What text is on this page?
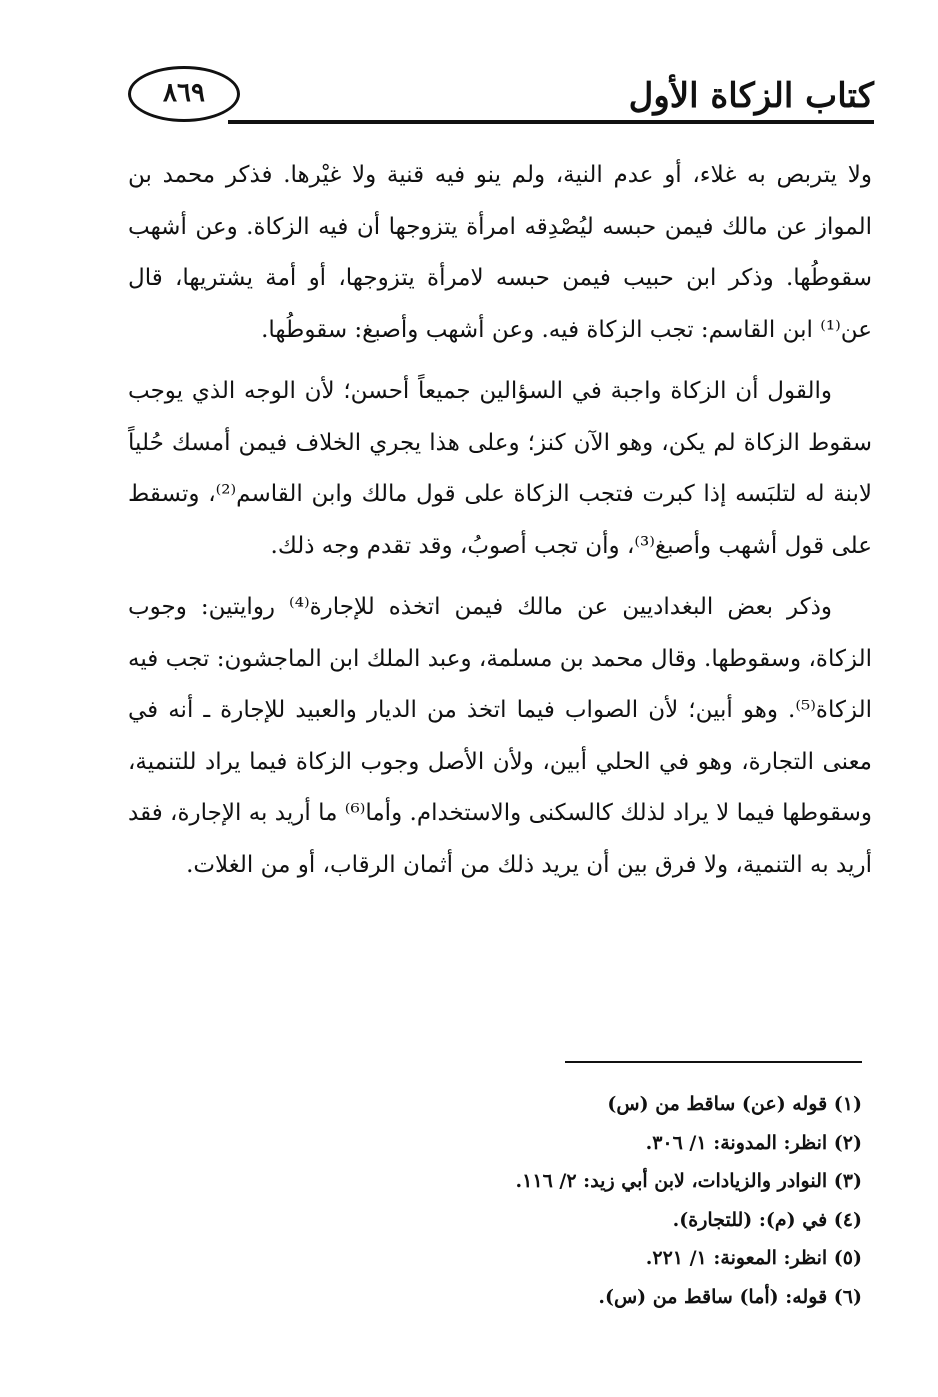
٨٦٩	كتاب الزكاة الأول

ولا يتربص به غلاء، أو عدم النية، ولم ينو فيه قنية ولا غيْرها. فذكر محمد بن المواز عن مالك فيمن حبسه ليُصْدِقه امرأة يتزوجها أن فيه الزكاة. وعن أشهب سقوطُها. وذكر ابن حبيب فيمن حبسه لامرأة يتزوجها، أو أمة يشتريها، قال عن⁽¹⁾ ابن القاسم: تجب الزكاة فيه. وعن أشهب وأصبغ: سقوطُها.

والقول أن الزكاة واجبة في السؤالين جميعاً أحسن؛ لأن الوجه الذي يوجب سقوط الزكاة لم يكن، وهو الآن كنز؛ وعلى هذا يجري الخلاف فيمن أمسك حُلياً لابنة له لتلبَسه إذا كبرت فتجب الزكاة على قول مالك وابن القاسم⁽²⁾، وتسقط على قول أشهب وأصبغ⁽³⁾، وأن تجب أصوبُ، وقد تقدم وجه ذلك.

وذكر بعض البغداديين عن مالك فيمن اتخذه للإجارة⁽⁴⁾ روايتين: وجوب الزكاة، وسقوطها. وقال محمد بن مسلمة، وعبد الملك ابن الماجشون: تجب فيه الزكاة⁽⁵⁾. وهو أبين؛ لأن الصواب فيما اتخذ من الديار والعبيد للإجارة ـ أنه في معنى التجارة، وهو في الحلي أبين، ولأن الأصل وجوب الزكاة فيما يراد للتنمية، وسقوطها فيما لا يراد لذلك كالسكنى والاستخدام. وأما⁽⁶⁾ ما أريد به الإجارة، فقد أريد به التنمية، ولا فرق بين أن يريد ذلك من أثمان الرقاب، أو من الغلات.

(١) قوله (عن) ساقط من (س)
(٢) انظر: المدونة: ١/ ٣٠٦.
(٣) النوادر والزيادات، لابن أبي زيد: ٢/ ١١٦.
(٤) في (م): (للتجارة).
(٥) انظر: المعونة: ١/ ٢٢١.
(٦) قوله: (أما) ساقط من (س).
